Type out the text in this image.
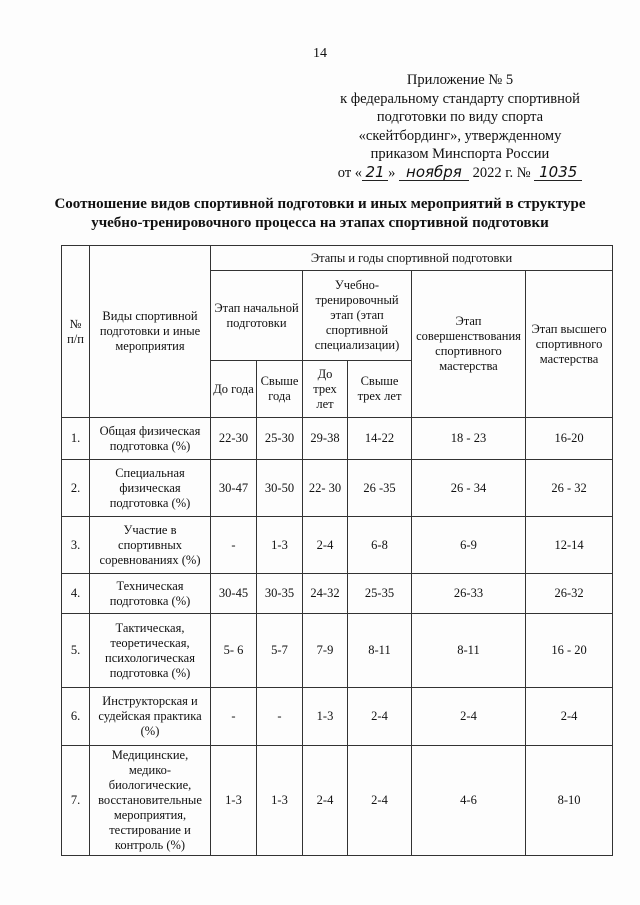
14
Приложение № 5
к федеральному стандарту спортивной
подготовки по виду спорта
«скейтбординг», утвержденному
приказом Минспорта России
от « 21 » ноября 2022 г. № 1035
Соотношение видов спортивной подготовки и иных мероприятий в структуре
учебно-тренировочного процесса на этапах спортивной подготовки
№ п/п	Виды спортивной подготовки и иные мероприятия	Этапы и годы спортивной подготовки					
		Этап начальной подготовки		Учебно-тренировочный этап (этап спортивной специализации)		Этап совершенствования спортивного мастерства	Этап высшего спортивного мастерства
		До года	Свыше года	До трех лет	Свыше трех лет		
1.	Общая физическая подготовка (%)	22-30	25-30	29-38	14-22	18 - 23	16-20
2.	Специальная физическая подготовка (%)	30-47	30-50	22- 30	26 -35	26 - 34	26 - 32
3.	Участие в спортивных соревнованиях (%)	-	1-3	2-4	6-8	6-9	12-14
4.	Техническая подготовка (%)	30-45	30-35	24-32	25-35	26-33	26-32
5.	Тактическая, теоретическая, психологическая подготовка (%)	5- 6	5-7	7-9	8-11	8-11	16 - 20
6.	Инструкторская и судейская практика (%)	-	-	1-3	2-4	2-4	2-4
7.	Медицинские, медико-биологические, восстановительные мероприятия, тестирование и контроль (%)	1-3	1-3	2-4	2-4	4-6	8-10
